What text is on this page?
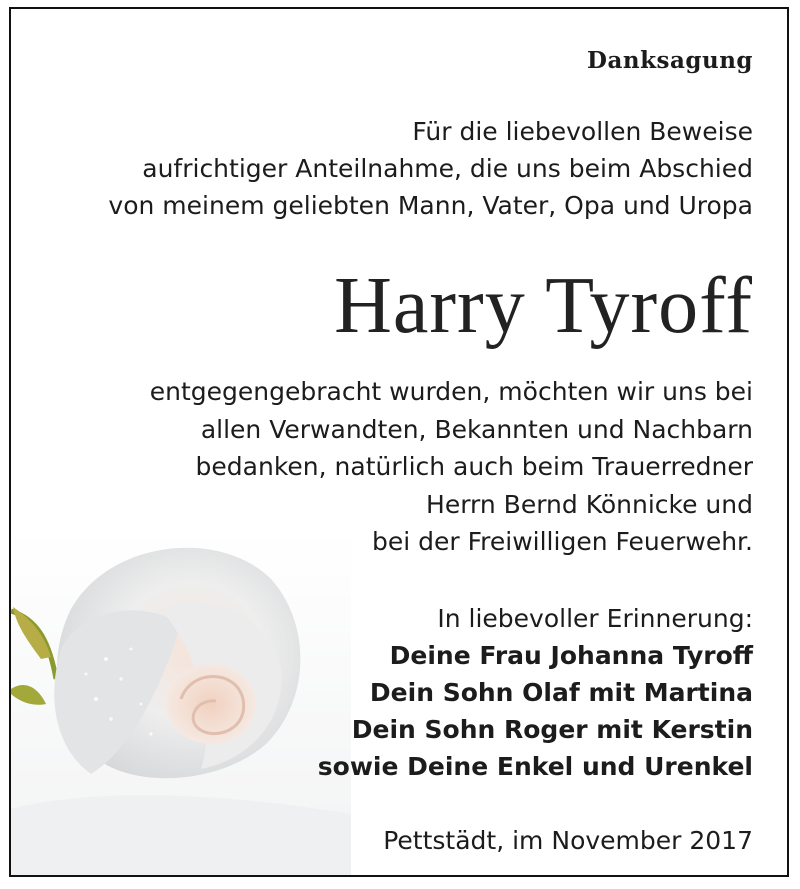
Danksagung
Für die liebevollen Beweise
aufrichtiger Anteilnahme, die uns beim Abschied
von meinem geliebten Mann, Vater, Opa und Uropa
Harry Tyroff
entgegengebracht wurden, möchten wir uns bei
allen Verwandten, Bekannten und Nachbarn
bedanken, natürlich auch beim Trauerredner
Herrn Bernd Könnicke und
bei der Freiwilligen Feuerwehr.
In liebevoller Erinnerung:
Deine Frau Johanna Tyroff
Dein Sohn Olaf mit Martina
Dein Sohn Roger mit Kerstin
sowie Deine Enkel und Urenkel
Pettstädt, im November 2017
